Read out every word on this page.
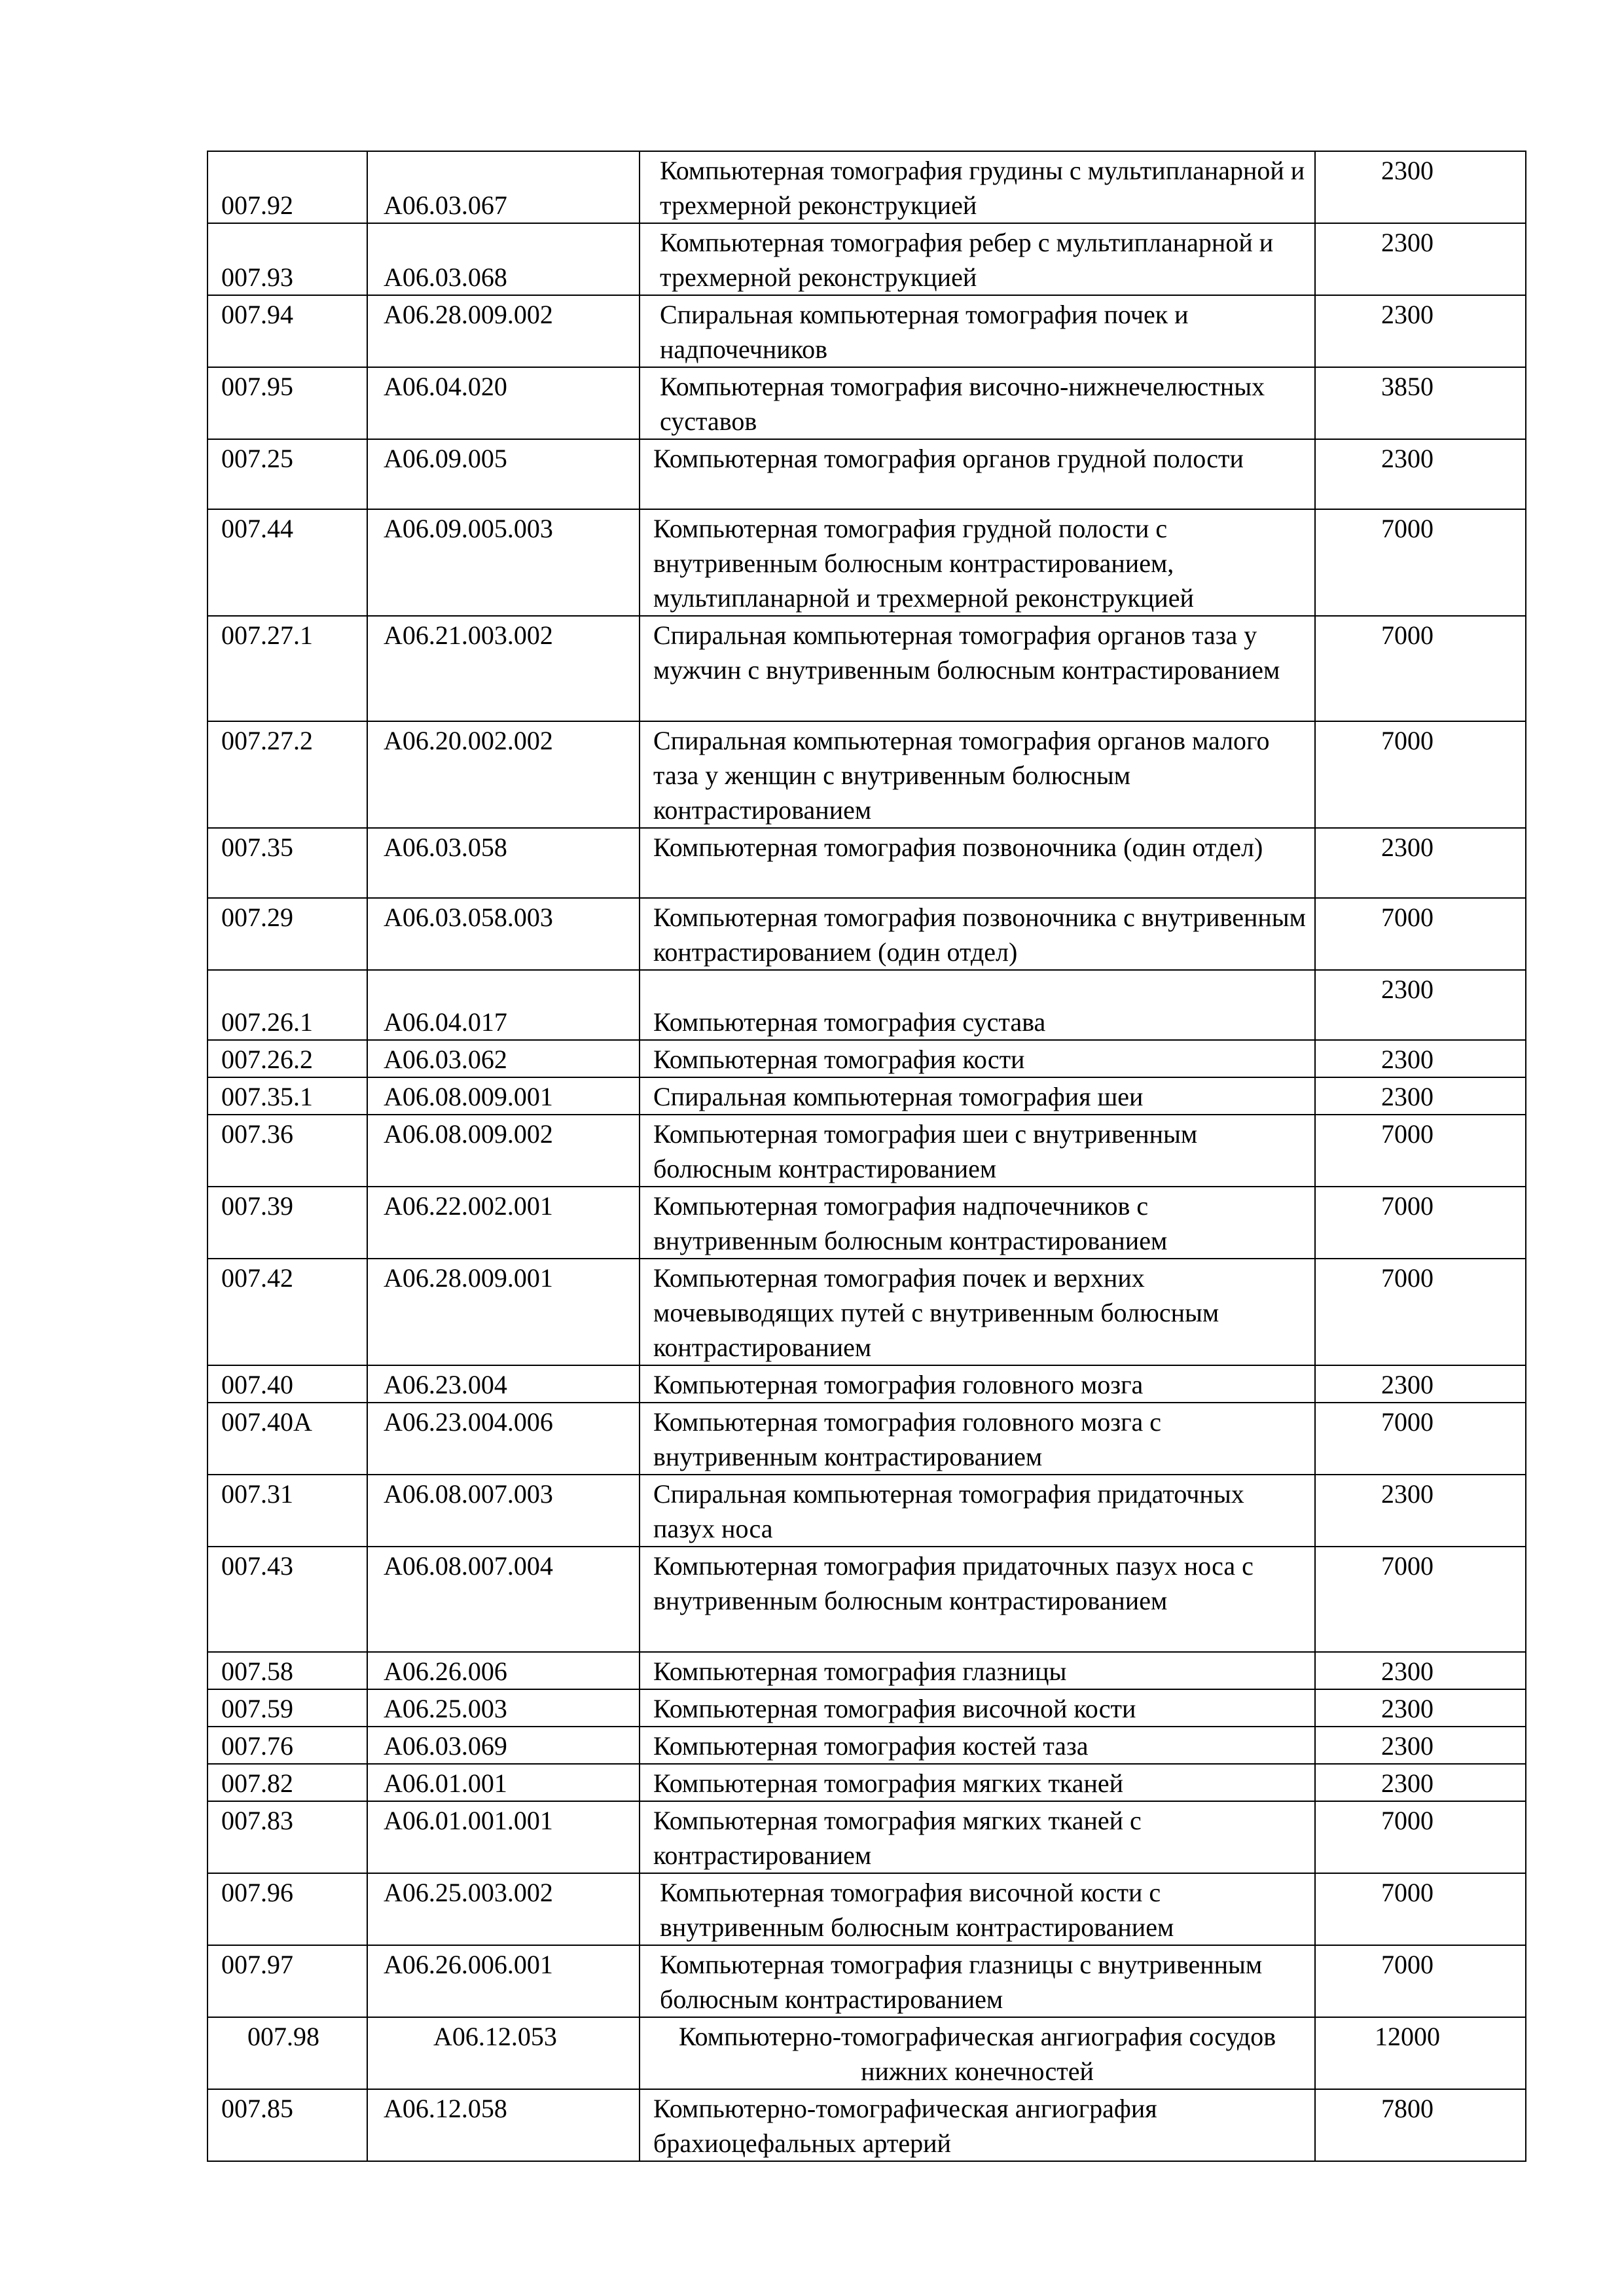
007.92	A06.03.067	Компьютерная томография грудины с мультипланарной и трехмерной реконструкцией	2300
007.93	A06.03.068	Компьютерная томография ребер с мультипланарной и трехмерной реконструкцией	2300
007.94	A06.28.009.002	Спиральная компьютерная томография почек и надпочечников	2300
007.95	A06.04.020	Компьютерная томография височно-нижнечелюстных суставов	3850
007.25	A06.09.005	Компьютерная томография органов грудной полости	2300
007.44	A06.09.005.003	Компьютерная томография грудной полости с внутривенным болюсным контрастированием, мультипланарной и трехмерной реконструкцией	7000
007.27.1	A06.21.003.002	Спиральная компьютерная томография органов таза у мужчин с внутривенным болюсным контрастированием	7000
007.27.2	A06.20.002.002	Спиральная компьютерная томография органов малого таза у женщин с внутривенным болюсным контрастированием	7000
007.35	A06.03.058	Компьютерная томография позвоночника (один отдел)	2300
007.29	A06.03.058.003	Компьютерная томография позвоночника с внутривенным контрастированием (один отдел)	7000
007.26.1	A06.04.017	Компьютерная томография сустава	2300
007.26.2	A06.03.062	Компьютерная томография кости	2300
007.35.1	A06.08.009.001	Спиральная компьютерная томография шеи	2300
007.36	A06.08.009.002	Компьютерная томография шеи с внутривенным болюсным контрастированием	7000
007.39	A06.22.002.001	Компьютерная томография надпочечников с внутривенным болюсным контрастированием	7000
007.42	A06.28.009.001	Компьютерная томография почек и верхних мочевыводящих путей с внутривенным болюсным контрастированием	7000
007.40	A06.23.004	Компьютерная томография головного мозга	2300
007.40A	A06.23.004.006	Компьютерная томография головного мозга с внутривенным контрастированием	7000
007.31	A06.08.007.003	Спиральная компьютерная томография придаточных пазух носа	2300
007.43	A06.08.007.004	Компьютерная томография придаточных пазух носа с внутривенным болюсным контрастированием	7000
007.58	A06.26.006	Компьютерная томография глазницы	2300
007.59	A06.25.003	Компьютерная томография височной кости	2300
007.76	A06.03.069	Компьютерная томография костей таза	2300
007.82	A06.01.001	Компьютерная томография мягких тканей	2300
007.83	A06.01.001.001	Компьютерная томография мягких тканей с контрастированием	7000
007.96	A06.25.003.002	Компьютерная томография височной кости с внутривенным болюсным контрастированием	7000
007.97	A06.26.006.001	Компьютерная томография глазницы с внутривенным болюсным контрастированием	7000
007.98	A06.12.053	Компьютерно-томографическая ангиография сосудов нижних конечностей	12000
007.85	A06.12.058	Компьютерно-томографическая ангиография брахиоцефальных артерий	7800
